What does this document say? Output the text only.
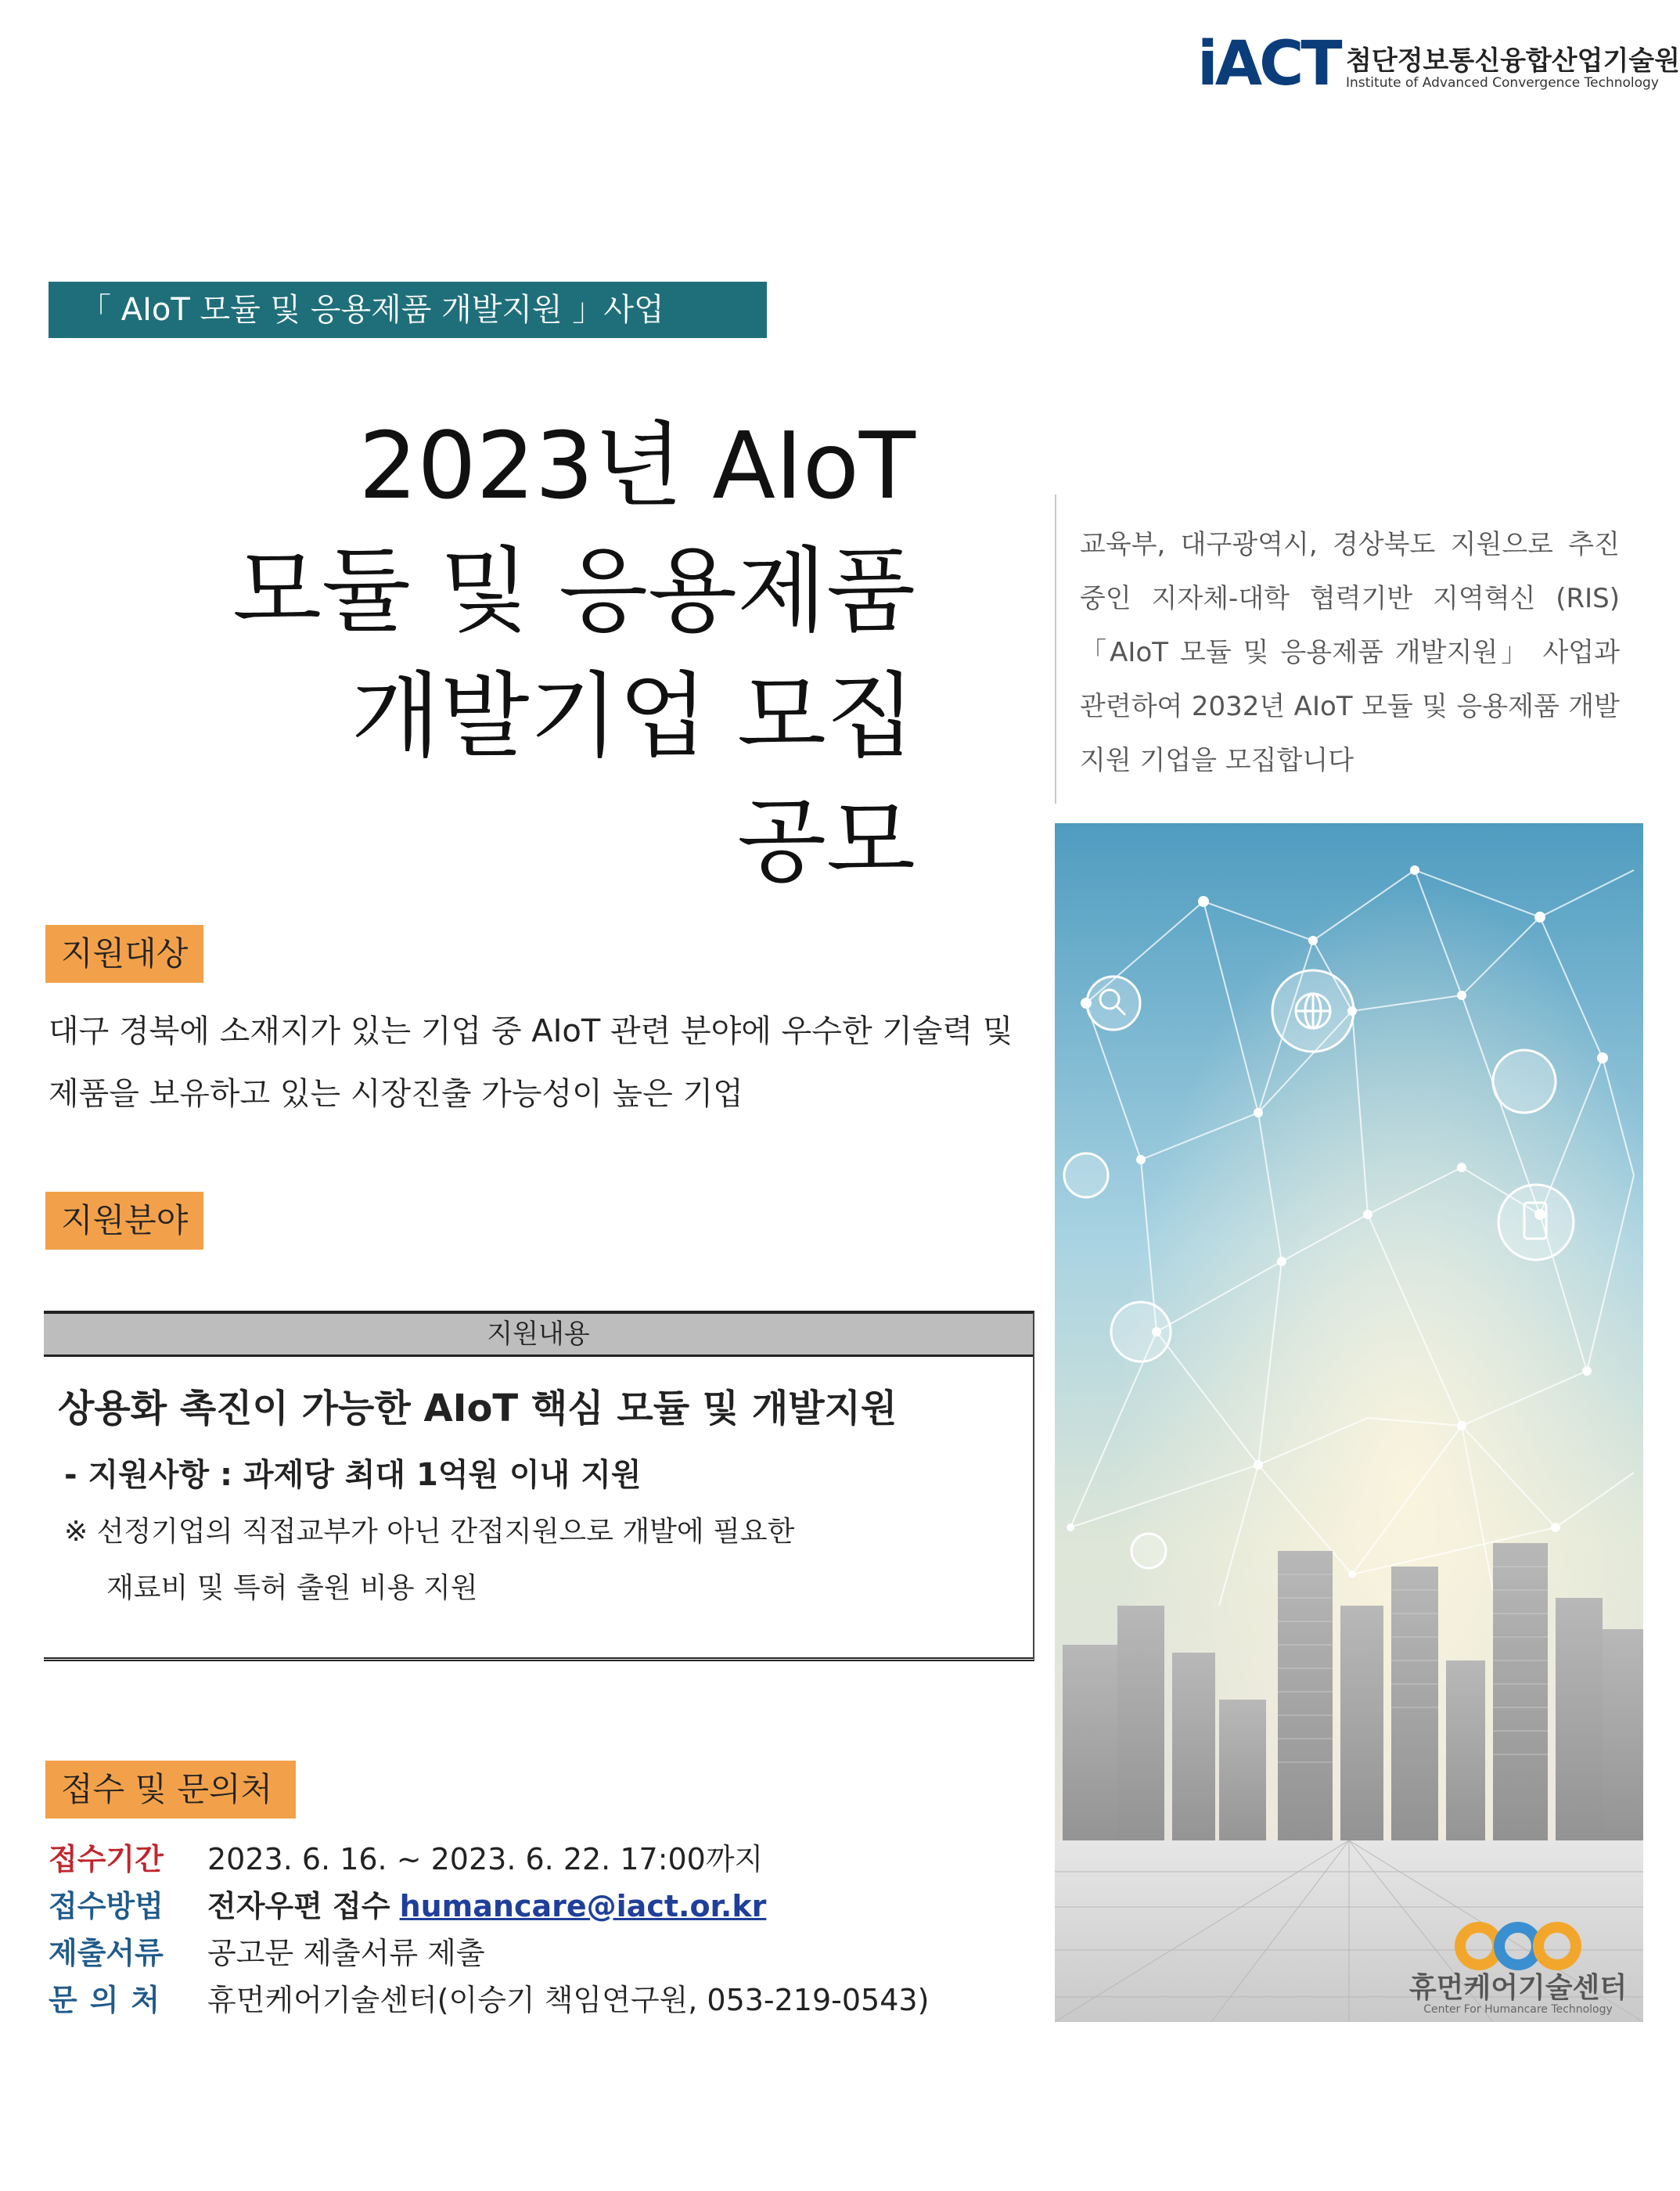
iACT 첨단정보통신융합산업기술원
Institute of Advanced Convergence Technology
「 AIoT 모듈 및 응용제품 개발지원 」사업
2023년 AIoT
모듈 및 응용제품
개발기업 모집
공모
교육부, 대구광역시, 경상북도 지원으로 추진 중인 지자체-대학 협력기반 지역혁신 (RIS)「AIoT 모듈 및 응용제품 개발지원」 사업과 관련하여 2032년 AIoT 모듈 및 응용제품 개발지원 기업을 모집합니다
지원대상
대구 경북에 소재지가 있는 기업 중 AIoT 관련 분야에 우수한 기술력 및
제품을 보유하고 있는 시장진출 가능성이 높은 기업
지원분야
지원내용
상용화 촉진이 가능한 AIoT 핵심 모듈 및 개발지원
- 지원사항 : 과제당 최대 1억원 이내 지원
※ 선정기업의 직접교부가 아닌 간접지원으로 개발에 필요한
재료비 및 특허 출원 비용 지원
접수 및 문의처
접수기간 2023. 6. 16. ~ 2023. 6. 22. 17:00까지
접수방법 전자우편 접수 humancare@iact.or.kr
제출서류 공고문 제출서류 제출
문의처 휴먼케어기술센터(이승기 책임연구원, 053-219-0543)	휴먼케어기술센터
Center For Humancare Technology
